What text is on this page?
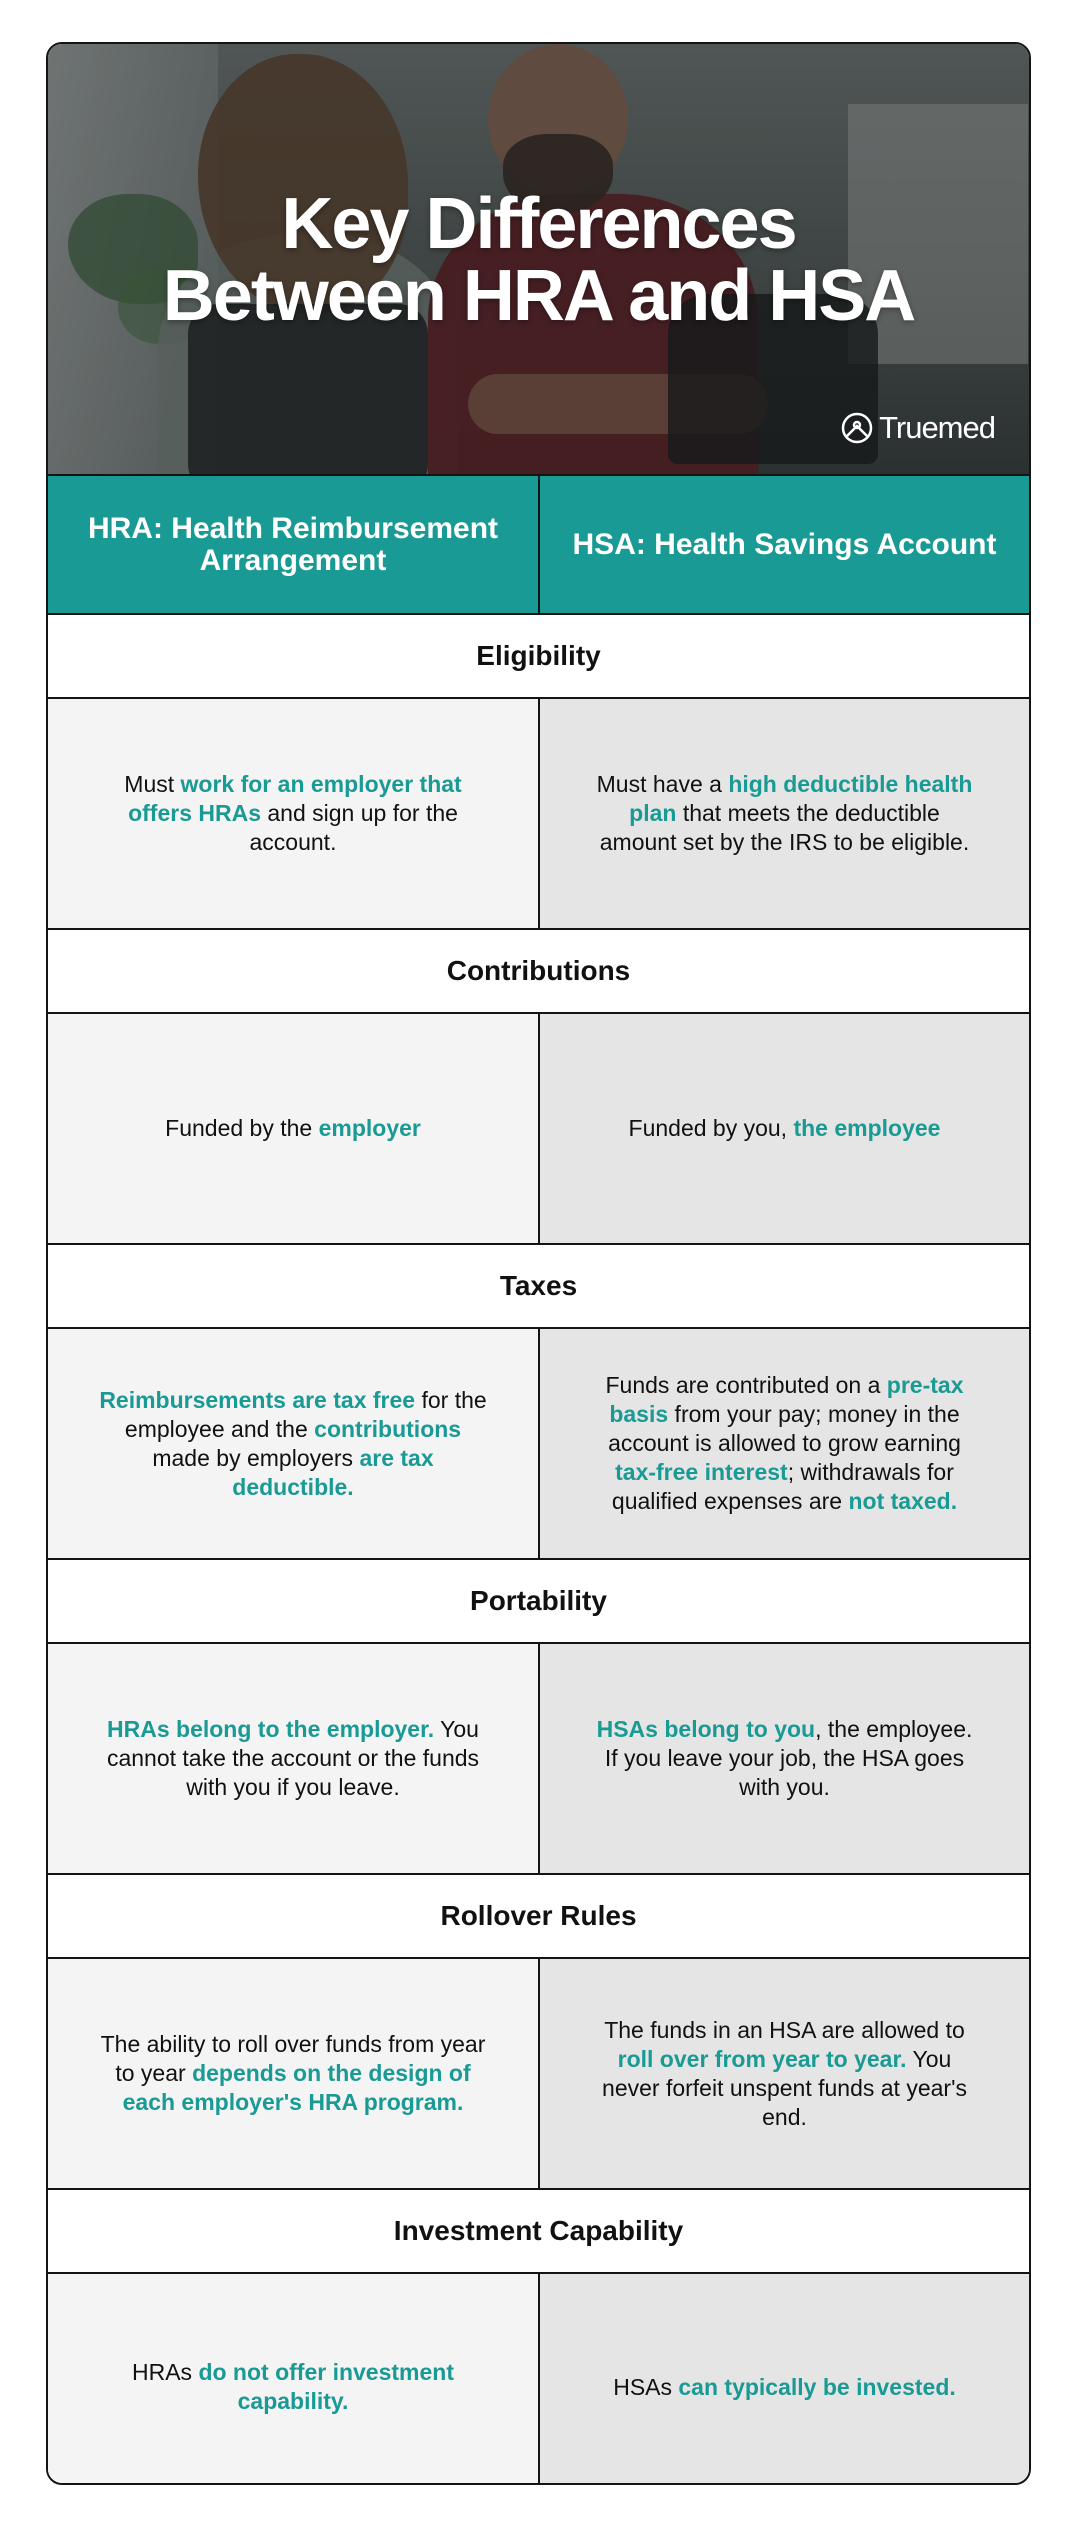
Key Differences
Between HRA and HSA
Truemed
HRA: Health Reimbursement Arrangement	HSA: Health Savings Account
Eligibility
Must work for an employer that offers HRAs and sign up for the account.
Must have a high deductible health plan that meets the deductible amount set by the IRS to be eligible.
Contributions
Funded by the employer	Funded by you, the employee
Taxes
Reimbursements are tax free for the employee and the contributions made by employers are tax deductible.
Funds are contributed on a pre-tax basis from your pay; money in the account is allowed to grow earning tax-free interest; withdrawals for qualified expenses are not taxed.
Portability
HRAs belong to the employer. You cannot take the account or the funds with you if you leave.
HSAs belong to you, the employee. If you leave your job, the HSA goes with you.
Rollover Rules
The ability to roll over funds from year to year depends on the design of each employer's HRA program.
The funds in an HSA are allowed to roll over from year to year. You never forfeit unspent funds at year's end.
Investment Capability
HRAs do not offer investment capability.
HSAs can typically be invested.
